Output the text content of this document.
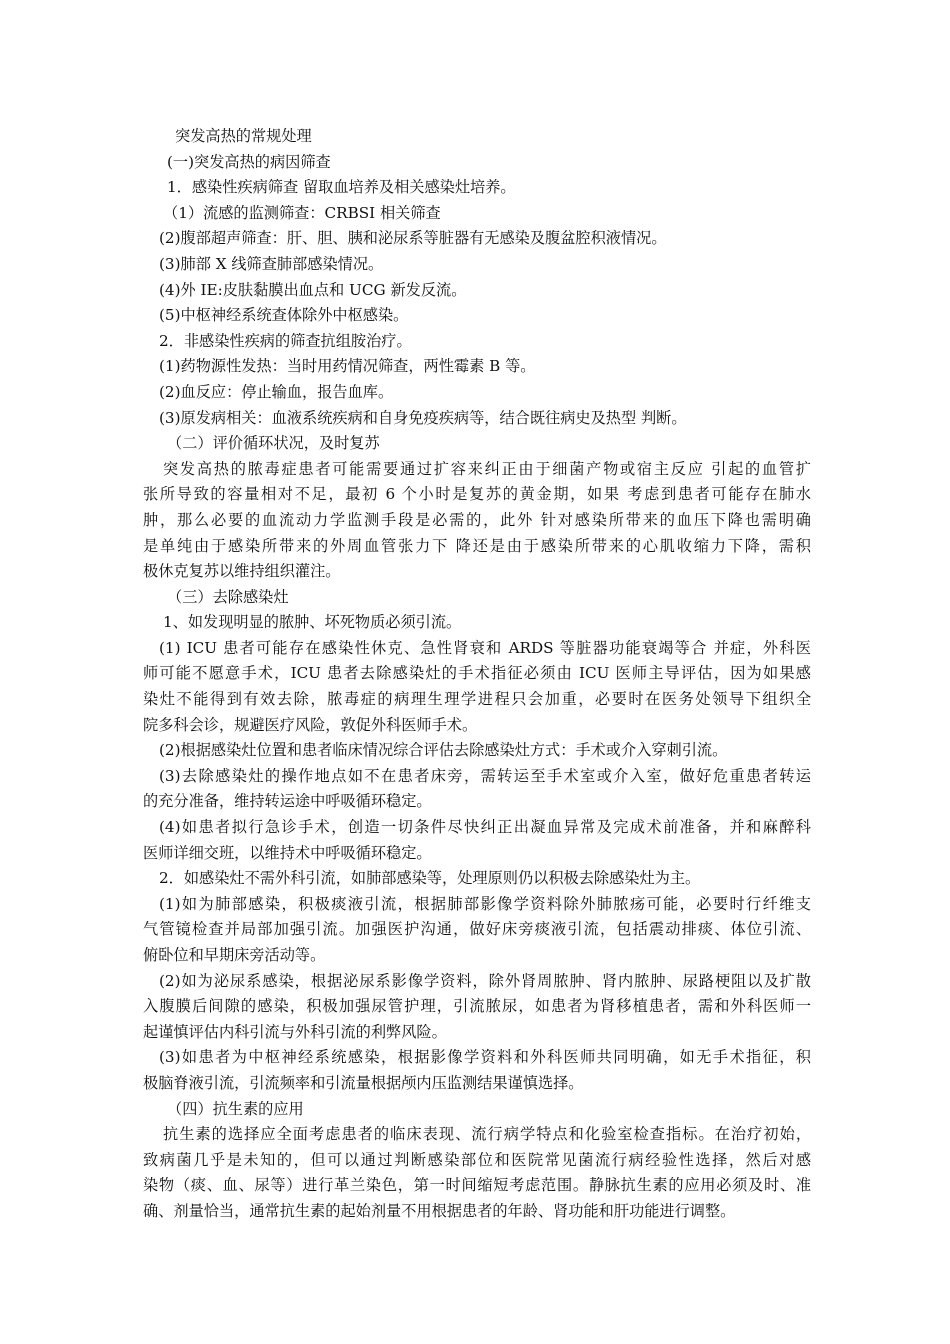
突发高热的常规处理
(一)突发高热的病因筛查
1．感染性疾病筛查 留取血培养及相关感染灶培养。
（1）流感的监测筛查：CRBSI 相关筛查
(2)腹部超声筛查：肝、胆、胰和泌尿系等脏器有无感染及腹盆腔积液情况。
(3)肺部 X 线筛查肺部感染情况。
(4)外 IE:皮肤黏膜出血点和 UCG 新发反流。
(5)中枢神经系统查体除外中枢感染。
2．非感染性疾病的筛查抗组胺治疗。
(1)药物源性发热：当时用药情况筛查，两性霉素 B 等。
(2)血反应：停止输血，报告血库。
(3)原发病相关：血液系统疾病和自身免疫疾病等，结合既往病史及热型 判断。
（二）评价循环状况，及时复苏
突发高热的脓毒症患者可能需要通过扩容来纠正由于细菌产物或宿主反应 引起的血管扩
张所导致的容量相对不足，最初 6 个小时是复苏的黄金期，如果 考虑到患者可能存在肺水
肿，那么必要的血流动力学监测手段是必需的，此外 针对感染所带来的血压下降也需明确
是单纯由于感染所带来的外周血管张力下 降还是由于感染所带来的心肌收缩力下降，需积
极休克复苏以维持组织灌注。
（三）去除感染灶
1、如发现明显的脓肿、坏死物质必须引流。
(1) ICU 患者可能存在感染性休克、急性肾衰和 ARDS 等脏器功能衰竭等合 并症，外科医
师可能不愿意手术，ICU 患者去除感染灶的手术指征必须由 ICU 医师主导评估，因为如果感
染灶不能得到有效去除，脓毒症的病理生理学进程只会加重，必要时在医务处领导下组织全
院多科会诊，规避医疗风险，敦促外科医师手术。
(2)根据感染灶位置和患者临床情况综合评估去除感染灶方式：手术或介入穿刺引流。
(3)去除感染灶的操作地点如不在患者床旁，需转运至手术室或介入室，做好危重患者转运
的充分准备，维持转运途中呼吸循环稳定。
(4)如患者拟行急诊手术，创造一切条件尽快纠正出凝血异常及完成术前准备，并和麻醉科
医师详细交班，以维持术中呼吸循环稳定。
2．如感染灶不需外科引流，如肺部感染等，处理原则仍以积极去除感染灶为主。
(1)如为肺部感染，积极痰液引流，根据肺部影像学资料除外肺脓疡可能，必要时行纤维支
气管镜检查并局部加强引流。加强医护沟通，做好床旁痰液引流，包括震动排痰、体位引流、
俯卧位和早期床旁活动等。
(2)如为泌尿系感染，根据泌尿系影像学资料，除外肾周脓肿、肾内脓肿、尿路梗阻以及扩散
入腹膜后间隙的感染，积极加强尿管护理，引流脓尿，如患者为肾移植患者，需和外科医师一
起谨慎评估内科引流与外科引流的利弊风险。
(3)如患者为中枢神经系统感染，根据影像学资料和外科医师共同明确，如无手术指征，积
极脑脊液引流，引流频率和引流量根据颅内压监测结果谨慎选择。
（四）抗生素的应用
抗生素的选择应全面考虑患者的临床表现、流行病学特点和化验室检查指标。在治疗初始，
致病菌几乎是未知的，但可以通过判断感染部位和医院常见菌流行病经验性选择，然后对感
染物（痰、血、尿等）进行革兰染色，第一时间缩短考虑范围。静脉抗生素的应用必须及时、准
确、剂量恰当，通常抗生素的起始剂量不用根据患者的年龄、肾功能和肝功能进行调整。
